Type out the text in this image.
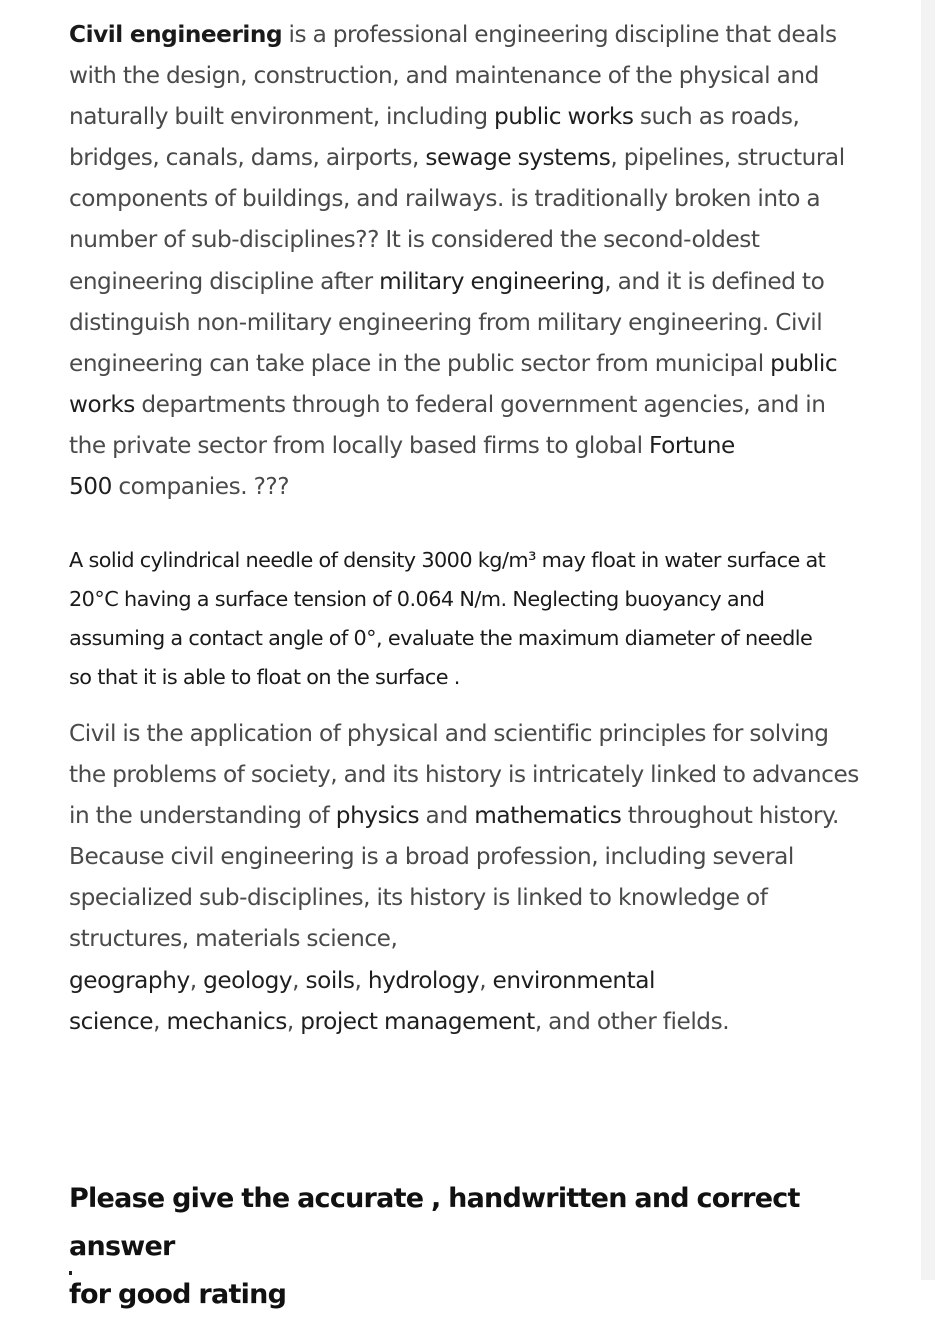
Civil engineering is a professional engineering discipline that deals
with the design, construction, and maintenance of the physical and
naturally built environment, including public works such as roads,
bridges, canals, dams, airports, sewage systems, pipelines, structural
components of buildings, and railways. is traditionally broken into a
number of sub-disciplines?? It is considered the second-oldest
engineering discipline after military engineering, and it is defined to
distinguish non-military engineering from military engineering. Civil
engineering can take place in the public sector from municipal public
works departments through to federal government agencies, and in
the private sector from locally based firms to global Fortune
500 companies. ???

A solid cylindrical needle of density 3000 kg/m³ may float in water surface at
20°C having a surface tension of 0.064 N/m. Neglecting buoyancy and
assuming a contact angle of 0°, evaluate the maximum diameter of needle
so that it is able to float on the surface .

Civil is the application of physical and scientific principles for solving
the problems of society, and its history is intricately linked to advances
in the understanding of physics and mathematics throughout history.
Because civil engineering is a broad profession, including several
specialized sub-disciplines, its history is linked to knowledge of
structures, materials science,
geography, geology, soils, hydrology, environmental
science, mechanics, project management, and other fields.

Please give the accurate , handwritten and correct answer
for good rating
